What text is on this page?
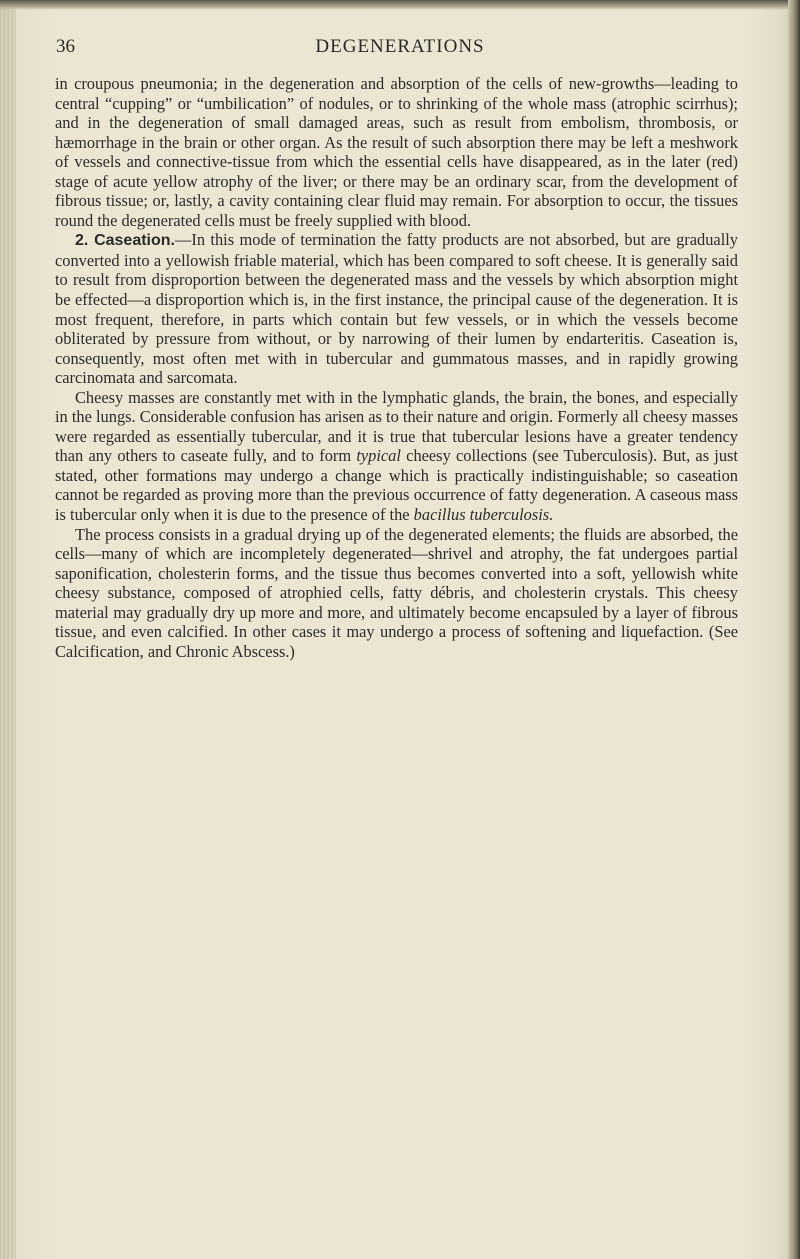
36	DEGENERATIONS

in croupous pneumonia; in the degeneration and absorption of the cells of new-growths—leading to central “cupping” or “umbilication” of nodules, or to shrinking of the whole mass (atrophic scirrhus); and in the degeneration of small damaged areas, such as result from embolism, thrombosis, or hæmorrhage in the brain or other organ. As the result of such absorption there may be left a meshwork of vessels and connective-tissue from which the essential cells have disappeared, as in the later (red) stage of acute yellow atrophy of the liver; or there may be an ordinary scar, from the development of fibrous tissue; or, lastly, a cavity containing clear fluid may remain. For absorption to occur, the tissues round the degenerated cells must be freely supplied with blood.

2. Caseation.—In this mode of termination the fatty products are not absorbed, but are gradually converted into a yellowish friable material, which has been compared to soft cheese. It is generally said to result from disproportion between the degenerated mass and the vessels by which absorption might be effected—a disproportion which is, in the first instance, the principal cause of the degeneration. It is most frequent, therefore, in parts which contain but few vessels, or in which the vessels become obliterated by pressure from without, or by narrowing of their lumen by endarteritis. Caseation is, consequently, most often met with in tubercular and gummatous masses, and in rapidly growing carcinomata and sarcomata.

Cheesy masses are constantly met with in the lymphatic glands, the brain, the bones, and especially in the lungs. Considerable confusion has arisen as to their nature and origin. Formerly all cheesy masses were regarded as essentially tubercular, and it is true that tubercular lesions have a greater tendency than any others to caseate fully, and to form typical cheesy collections (see Tuberculosis). But, as just stated, other formations may undergo a change which is practically indistinguishable; so caseation cannot be regarded as proving more than the previous occurrence of fatty degeneration. A caseous mass is tubercular only when it is due to the presence of the bacillus tuberculosis.

The process consists in a gradual drying up of the degenerated elements; the fluids are absorbed, the cells—many of which are incompletely degenerated—shrivel and atrophy, the fat undergoes partial saponification, cholesterin forms, and the tissue thus becomes converted into a soft, yellowish white cheesy substance, composed of atrophied cells, fatty débris, and cholesterin crystals. This cheesy material may gradually dry up more and more, and ultimately become encapsuled by a layer of fibrous tissue, and even calcified. In other cases it may undergo a process of softening and liquefaction. (See Calcification, and Chronic Abscess.)
